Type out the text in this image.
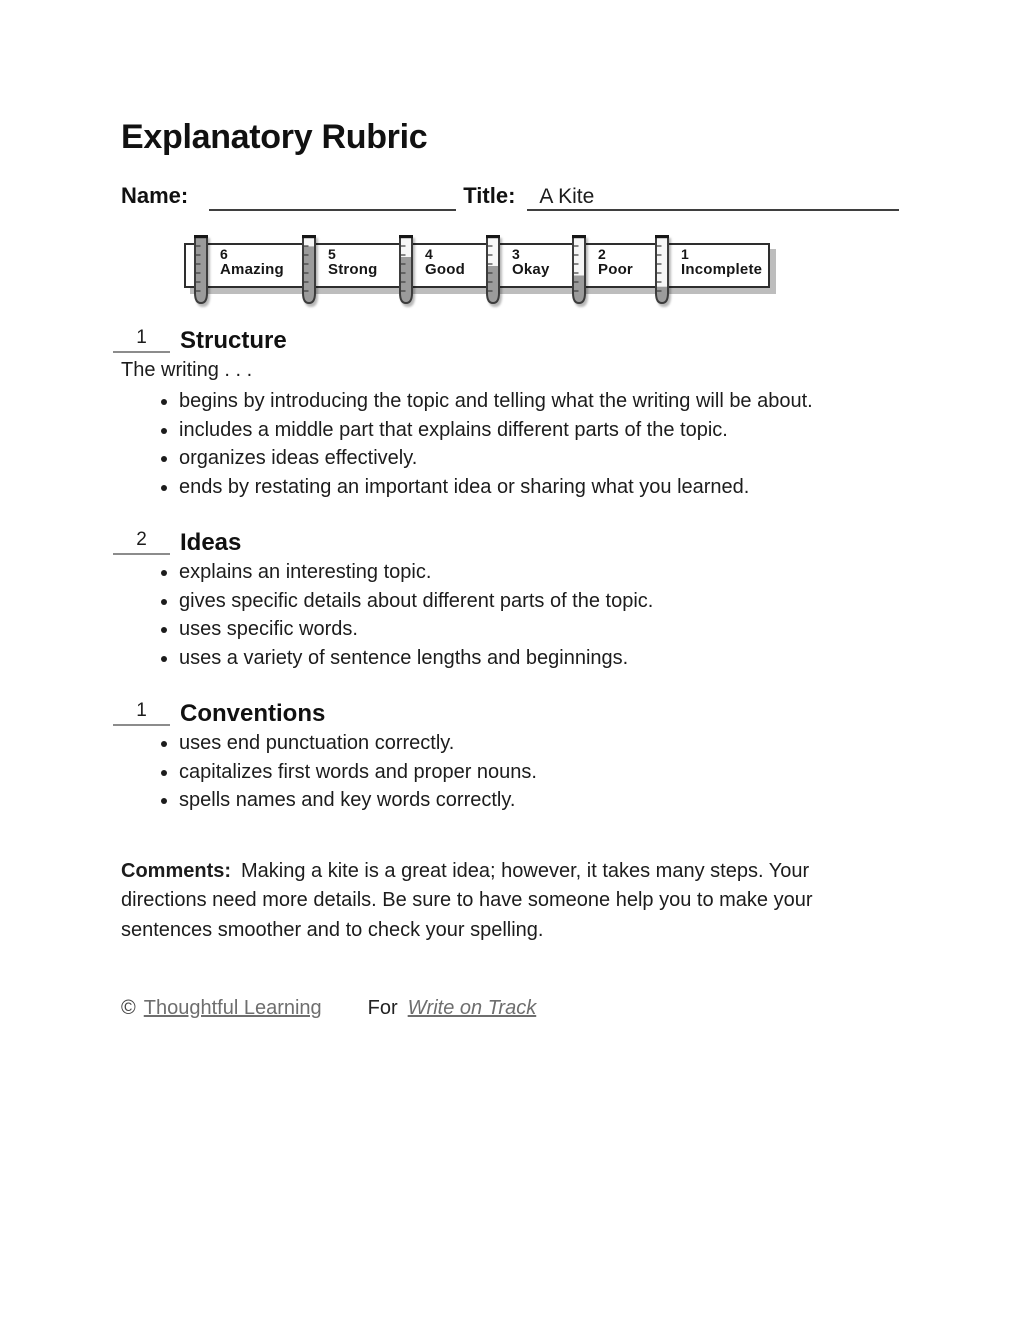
Explanatory Rubric
Name:	Title:	A Kite
6
Amazing
5
Strong
4
Good
3
Okay
2
Poor
1
Incomplete
1	Structure
The writing . . .
• begins by introducing the topic and telling what the writing will be about.
• includes a middle part that explains different parts of the topic.
• organizes ideas effectively.
• ends by restating an important idea or sharing what you learned.
2	Ideas
• explains an interesting topic.
• gives specific details about different parts of the topic.
• uses specific words.
• uses a variety of sentence lengths and beginnings.
1	Conventions
• uses end punctuation correctly.
• capitalizes first words and proper nouns.
• spells names and key words correctly.

Comments: Making a kite is a great idea; however, it takes many steps. Your directions need more details. Be sure to have someone help you to make your sentences smoother and to check your spelling.

© Thoughtful Learning For Write on Track
